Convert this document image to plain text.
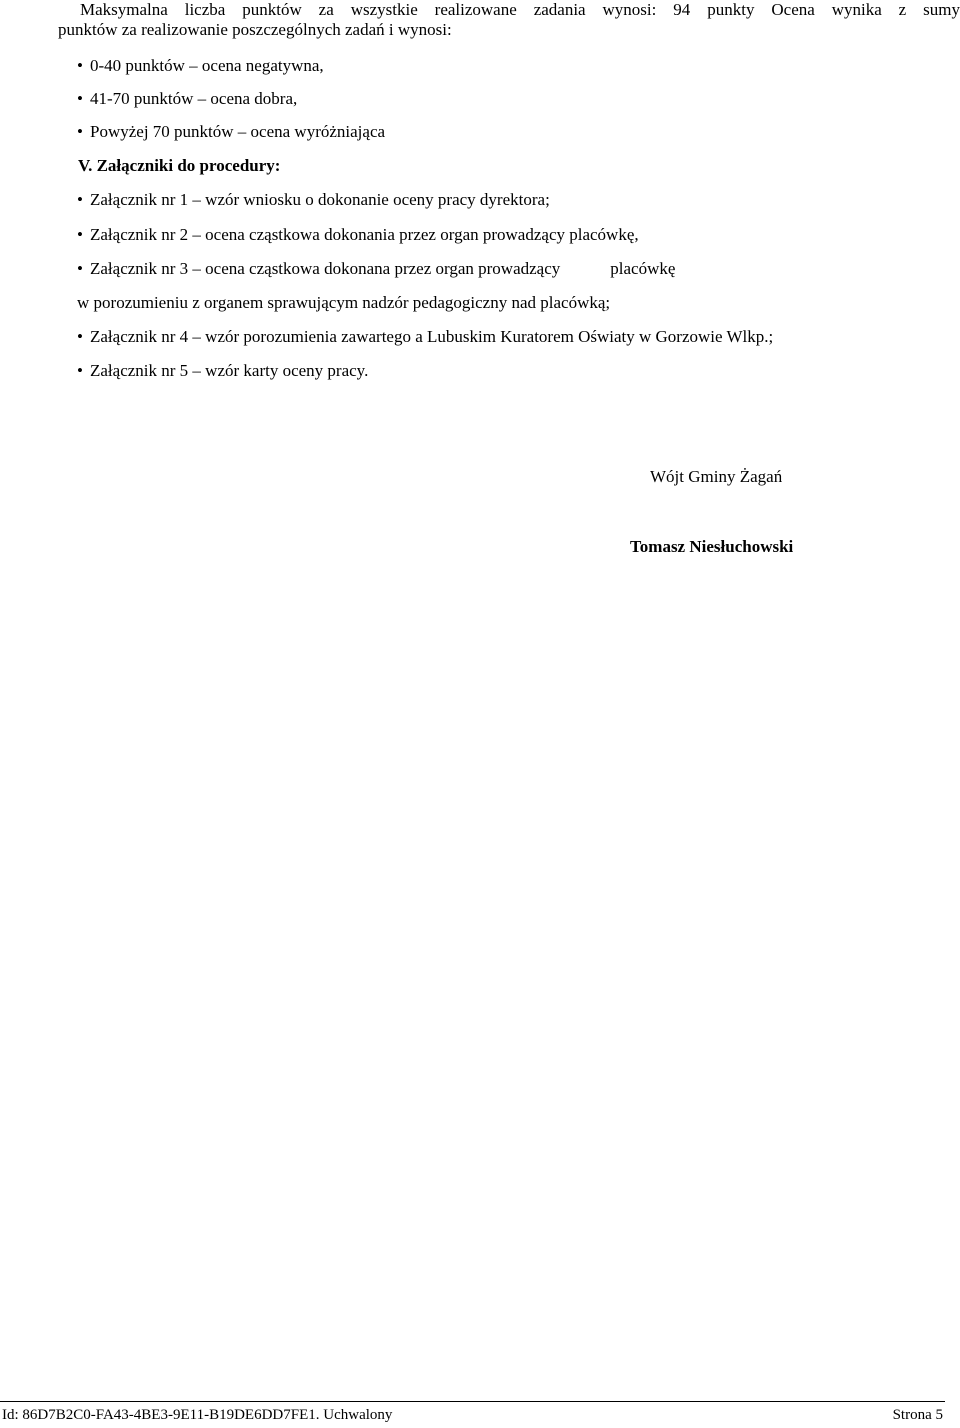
Maksymalna liczba punktów za wszystkie realizowane zadania wynosi: 94 punkty Ocena wynika z sumy
punktów za realizowanie poszczególnych zadań i wynosi:
• 0-40 punktów – ocena negatywna,
• 41-70 punktów – ocena dobra,
• Powyżej 70 punktów – ocena wyróżniająca
V. Załączniki do procedury:
• Załącznik nr 1 – wzór wniosku o dokonanie oceny pracy dyrektora;
• Załącznik nr 2 – ocena cząstkowa dokonania przez organ prowadzący placówkę,
• Załącznik nr 3 – ocena cząstkowa dokonana przez organ prowadzący	placówkę
w porozumieniu z organem sprawującym nadzór pedagogiczny nad placówką;
• Załącznik nr 4 – wzór porozumienia zawartego a Lubuskim Kuratorem Oświaty w Gorzowie Wlkp.;
• Załącznik nr 5 – wzór karty oceny pracy.
Wójt Gminy Żagań
Tomasz Niesłuchowski
Id: 86D7B2C0-FA43-4BE3-9E11-B19DE6DD7FE1. Uchwalony	Strona 5
